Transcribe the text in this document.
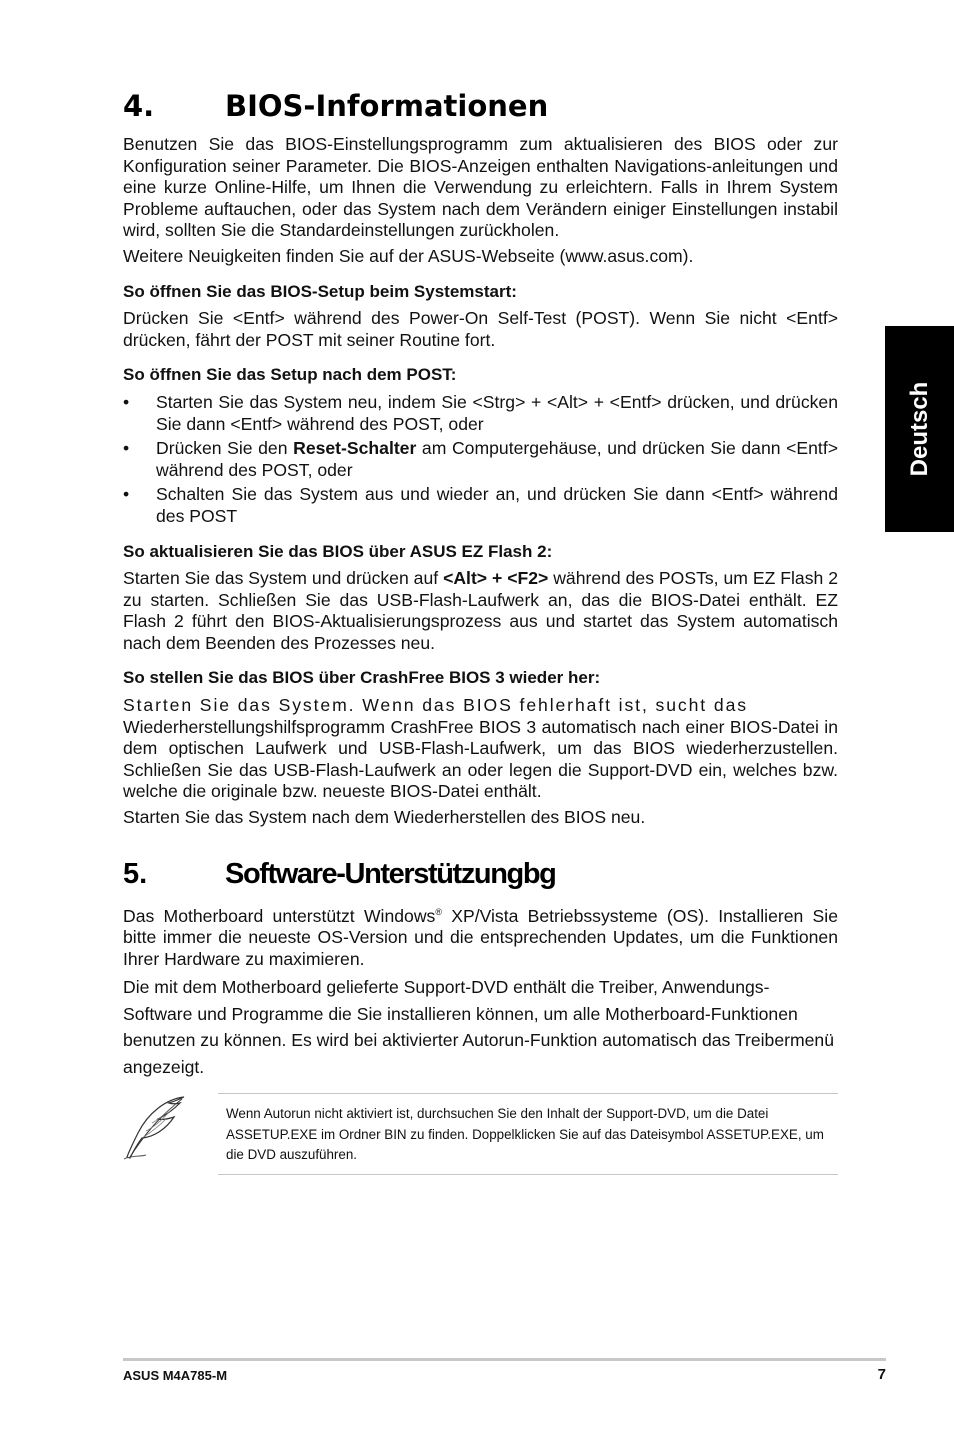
Deutsch
4.	BIOS-Informationen

Benutzen Sie das BIOS-Einstellungsprogramm zum aktualisieren des BIOS oder zur Konfiguration seiner Parameter. Die BIOS-Anzeigen enthalten Navigations-anleitungen und eine kurze Online-Hilfe, um Ihnen die Verwendung zu erleichtern. Falls in Ihrem System Probleme auftauchen, oder das System nach dem Verändern einiger Einstellungen instabil wird, sollten Sie die Standardeinstellungen zurückholen.

Weitere Neuigkeiten finden Sie auf der ASUS-Webseite (www.asus.com).

So öffnen Sie das BIOS-Setup beim Systemstart:

Drücken Sie <Entf> während des Power-On Self-Test (POST). Wenn Sie nicht <Entf> drücken, fährt der POST mit seiner Routine fort.

So öffnen Sie das Setup nach dem POST:

• Starten Sie das System neu, indem Sie <Strg> + <Alt> + <Entf> drücken, und drücken Sie dann <Entf> während des POST, oder
• Drücken Sie den Reset-Schalter am Computergehäuse, und drücken Sie dann <Entf> während des POST, oder
• Schalten Sie das System aus und wieder an, und drücken Sie dann <Entf> während des POST

So aktualisieren Sie das BIOS über ASUS EZ Flash 2:

Starten Sie das System und drücken auf <Alt> + <F2> während des POSTs, um EZ Flash 2 zu starten. Schließen Sie das USB-Flash-Laufwerk an, das die BIOS-Datei enthält. EZ Flash 2 führt den BIOS-Aktualisierungsprozess aus und startet das System automatisch nach dem Beenden des Prozesses neu.

So stellen Sie das BIOS über CrashFree BIOS 3 wieder her:

Starten Sie das System. Wenn das BIOS fehlerhaft ist, sucht das

Wiederherstellungshilfsprogramm CrashFree BIOS 3 automatisch nach einer BIOS-Datei in dem optischen Laufwerk und USB-Flash-Laufwerk, um das BIOS wiederherzustellen. Schließen Sie das USB-Flash-Laufwerk an oder legen die Support-DVD ein, welches bzw. welche die originale bzw. neueste BIOS-Datei enthält.

Starten Sie das System nach dem Wiederherstellen des BIOS neu.

5.	Software-Unterstützungbg

Das Motherboard unterstützt Windows® XP/Vista Betriebssysteme (OS). Installieren Sie bitte immer die neueste OS-Version und die entsprechenden Updates, um die Funktionen Ihrer Hardware zu maximieren.

Die mit dem Motherboard gelieferte Support-DVD enthält die Treiber, Anwendungs-Software und Programme die Sie installieren können, um alle Motherboard-Funktionen benutzen zu können. Es wird bei aktivierter Autorun-Funktion automatisch das Treibermenü angezeigt.

Wenn Autorun nicht aktiviert ist, durchsuchen Sie den Inhalt der Support-DVD, um die Datei ASSETUP.EXE im Ordner BIN zu finden. Doppelklicken Sie auf das Dateisymbol ASSETUP.EXE, um die DVD auszuführen.
ASUS M4A785-M	7
